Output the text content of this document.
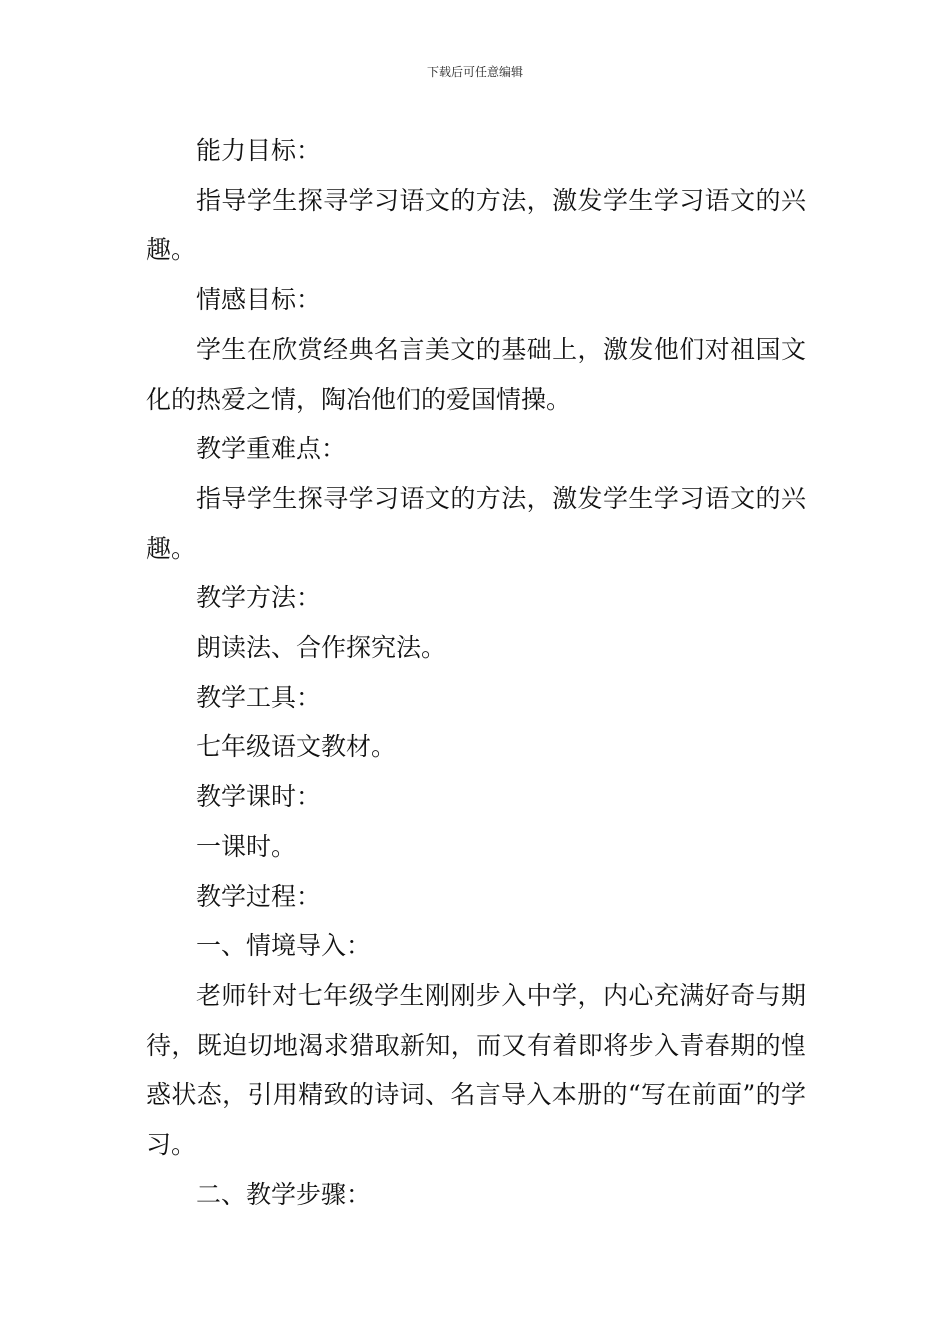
下载后可任意编辑

能力目标：

指导学生探寻学习语文的方法，激发学生学习语文的兴趣。

情感目标：

学生在欣赏经典名言美文的基础上，激发他们对祖国文化的热爱之情，陶冶他们的爱国情操。

教学重难点：

指导学生探寻学习语文的方法，激发学生学习语文的兴趣。

教学方法：

朗读法、合作探究法。

教学工具：

七年级语文教材。

教学课时：

一课时。

教学过程：

一、情境导入：

老师针对七年级学生刚刚步入中学，内心充满好奇与期待，既迫切地渴求猎取新知，而又有着即将步入青春期的惶惑状态，引用精致的诗词、名言导入本册的“写在前面”的学习。

二、教学步骤：
